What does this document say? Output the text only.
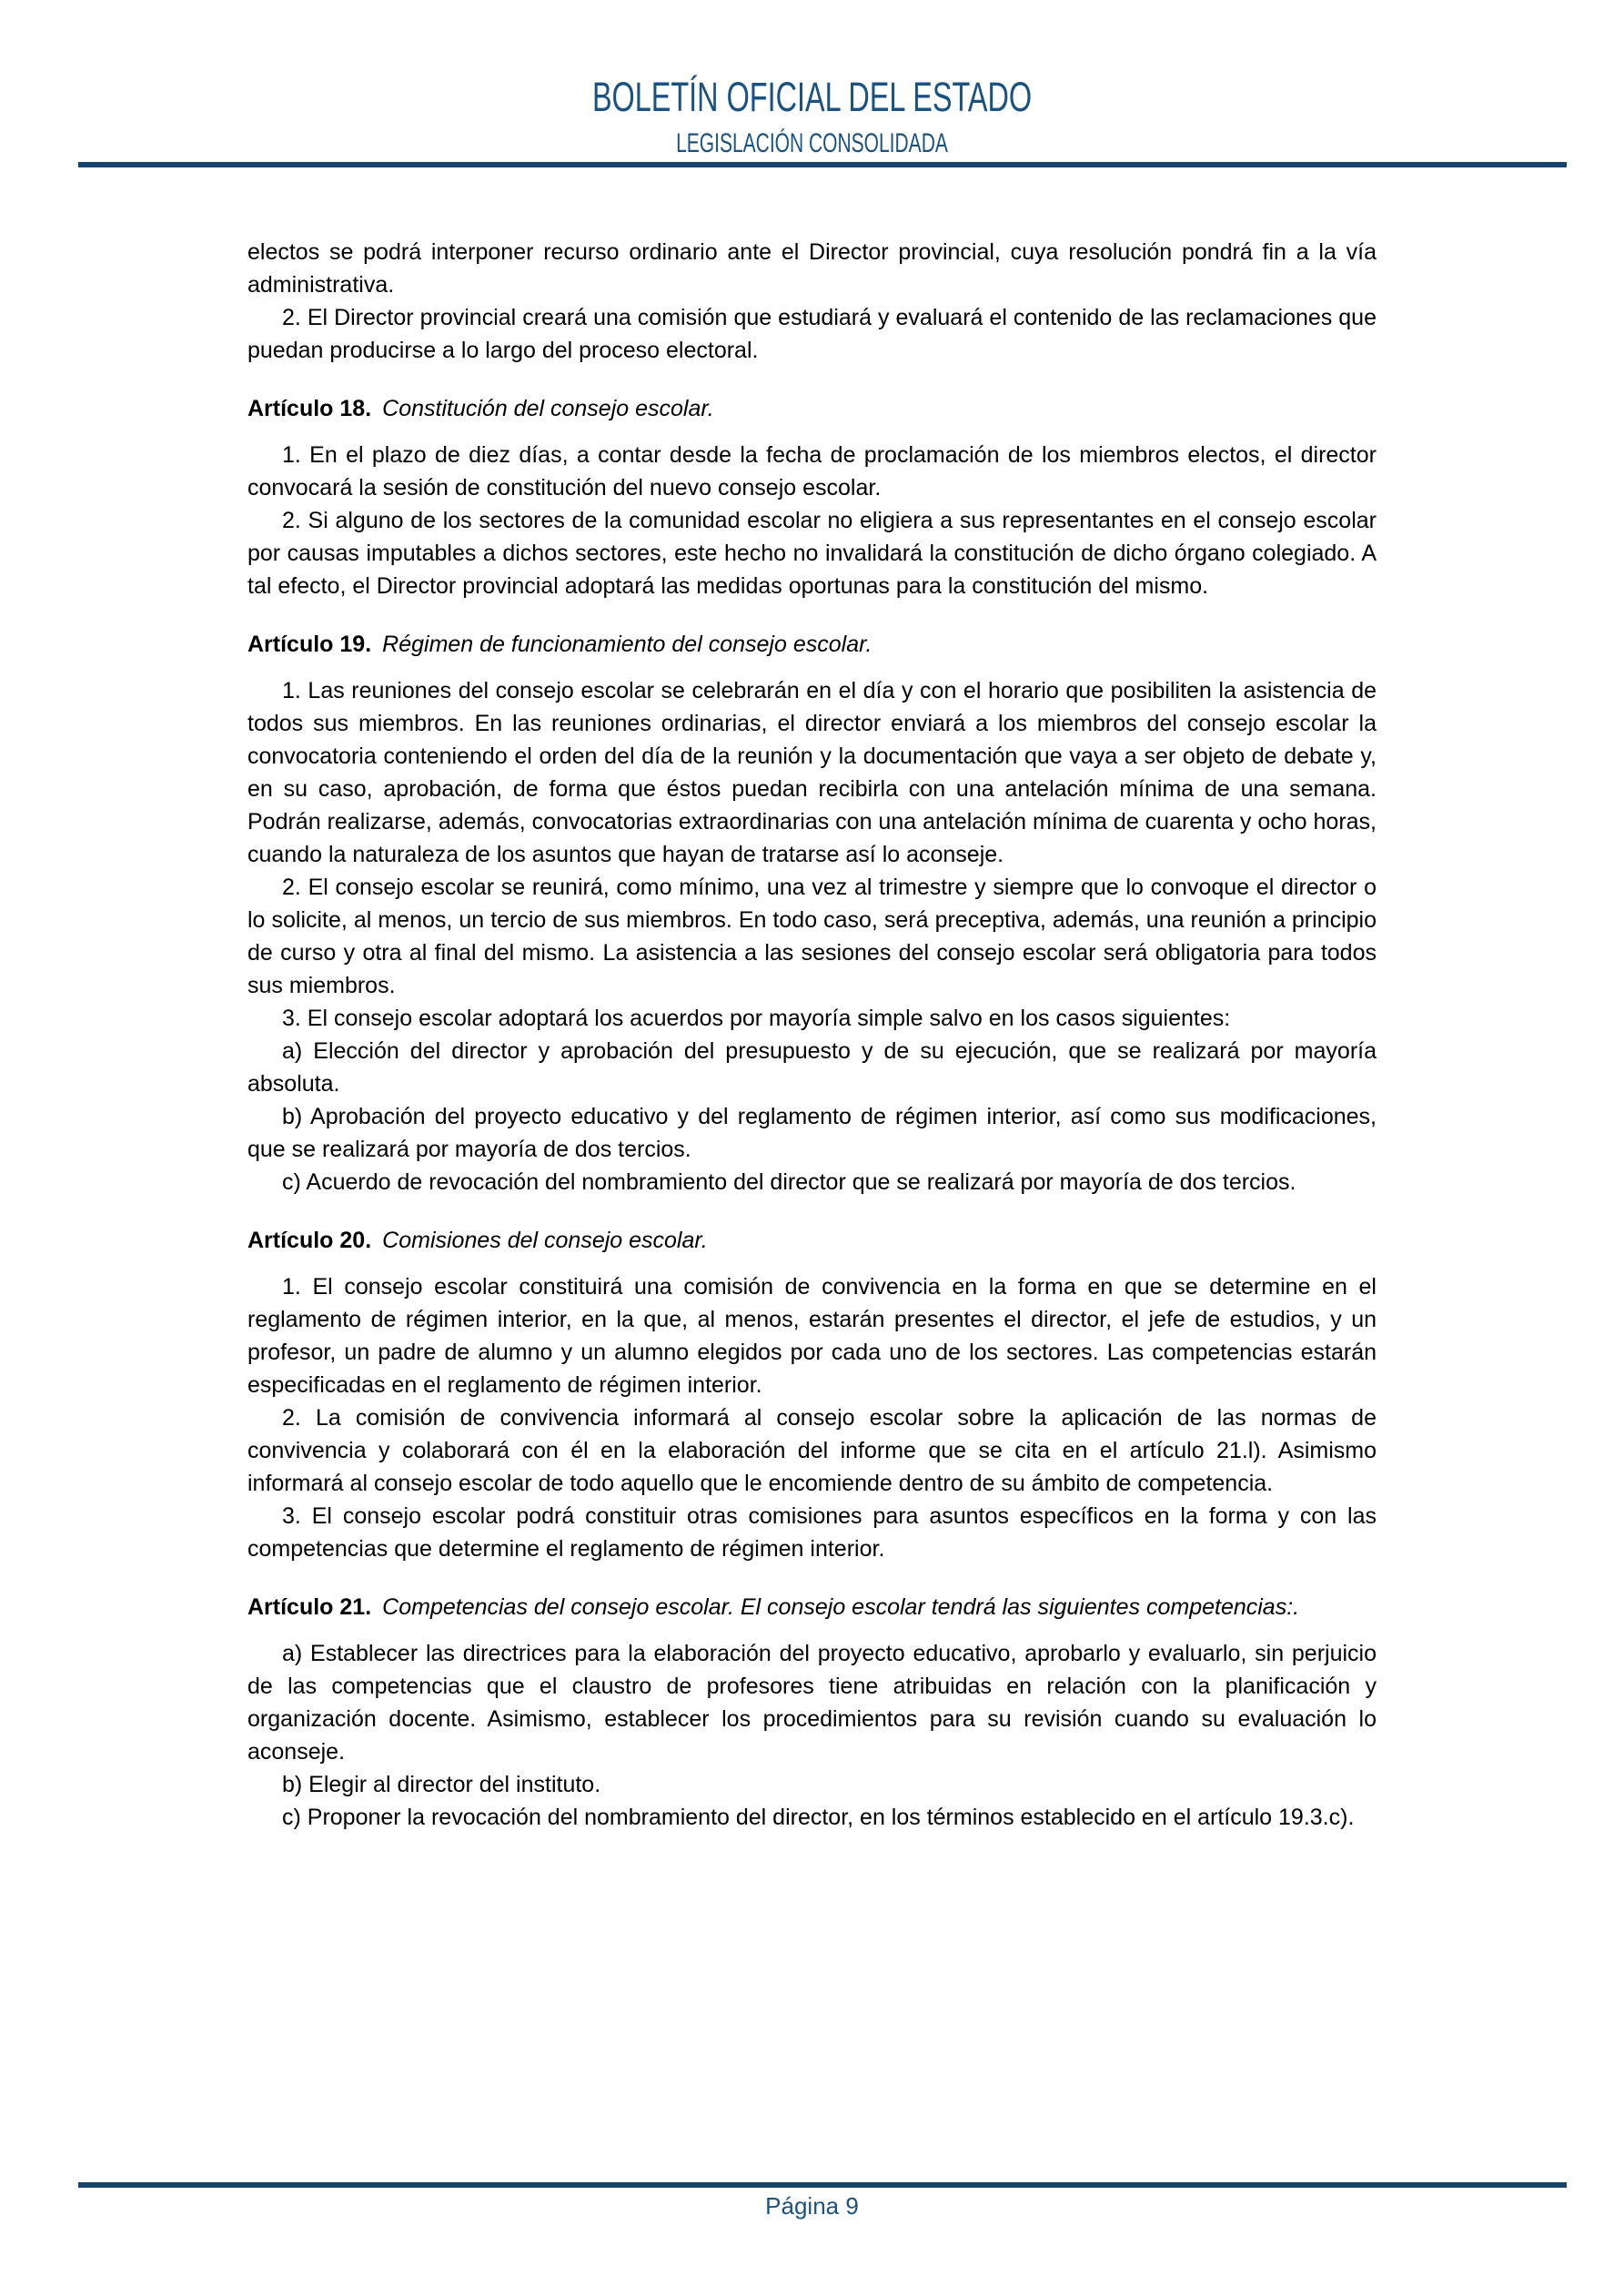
BOLETÍN OFICIAL DEL ESTADO

LEGISLACIÓN CONSOLIDADA

electos se podrá interponer recurso ordinario ante el Director provincial, cuya resolución pondrá fin a la vía administrativa.

2. El Director provincial creará una comisión que estudiará y evaluará el contenido de las reclamaciones que puedan producirse a lo largo del proceso electoral.

Artículo 18. Constitución del consejo escolar.

1. En el plazo de diez días, a contar desde la fecha de proclamación de los miembros electos, el director convocará la sesión de constitución del nuevo consejo escolar.

2. Si alguno de los sectores de la comunidad escolar no eligiera a sus representantes en el consejo escolar por causas imputables a dichos sectores, este hecho no invalidará la constitución de dicho órgano colegiado. A tal efecto, el Director provincial adoptará las medidas oportunas para la constitución del mismo.

Artículo 19. Régimen de funcionamiento del consejo escolar.

1. Las reuniones del consejo escolar se celebrarán en el día y con el horario que posibiliten la asistencia de todos sus miembros. En las reuniones ordinarias, el director enviará a los miembros del consejo escolar la convocatoria conteniendo el orden del día de la reunión y la documentación que vaya a ser objeto de debate y, en su caso, aprobación, de forma que éstos puedan recibirla con una antelación mínima de una semana. Podrán realizarse, además, convocatorias extraordinarias con una antelación mínima de cuarenta y ocho horas, cuando la naturaleza de los asuntos que hayan de tratarse así lo aconseje.

2. El consejo escolar se reunirá, como mínimo, una vez al trimestre y siempre que lo convoque el director o lo solicite, al menos, un tercio de sus miembros. En todo caso, será preceptiva, además, una reunión a principio de curso y otra al final del mismo. La asistencia a las sesiones del consejo escolar será obligatoria para todos sus miembros.

3. El consejo escolar adoptará los acuerdos por mayoría simple salvo en los casos siguientes:

a) Elección del director y aprobación del presupuesto y de su ejecución, que se realizará por mayoría absoluta.

b) Aprobación del proyecto educativo y del reglamento de régimen interior, así como sus modificaciones, que se realizará por mayoría de dos tercios.

c) Acuerdo de revocación del nombramiento del director que se realizará por mayoría de dos tercios.

Artículo 20. Comisiones del consejo escolar.

1. El consejo escolar constituirá una comisión de convivencia en la forma en que se determine en el reglamento de régimen interior, en la que, al menos, estarán presentes el director, el jefe de estudios, y un profesor, un padre de alumno y un alumno elegidos por cada uno de los sectores. Las competencias estarán especificadas en el reglamento de régimen interior.

2. La comisión de convivencia informará al consejo escolar sobre la aplicación de las normas de convivencia y colaborará con él en la elaboración del informe que se cita en el artículo 21.l). Asimismo informará al consejo escolar de todo aquello que le encomiende dentro de su ámbito de competencia.

3. El consejo escolar podrá constituir otras comisiones para asuntos específicos en la forma y con las competencias que determine el reglamento de régimen interior.

Artículo 21. Competencias del consejo escolar. El consejo escolar tendrá las siguientes competencias:.

a) Establecer las directrices para la elaboración del proyecto educativo, aprobarlo y evaluarlo, sin perjuicio de las competencias que el claustro de profesores tiene atribuidas en relación con la planificación y organización docente. Asimismo, establecer los procedimientos para su revisión cuando su evaluación lo aconseje.

b) Elegir al director del instituto.

c) Proponer la revocación del nombramiento del director, en los términos establecido en el artículo 19.3.c).

Página 9
